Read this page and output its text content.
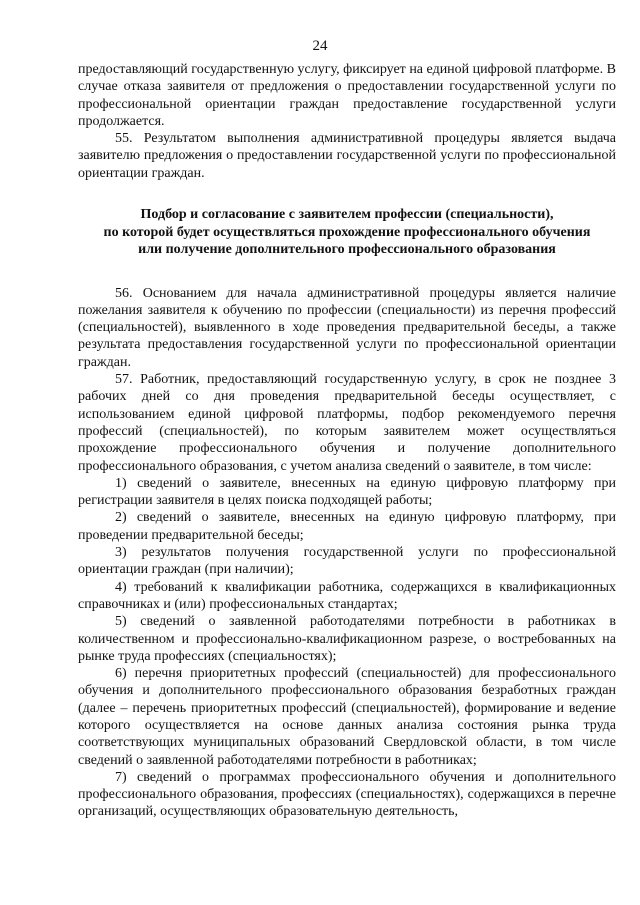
24

предоставляющий государственную услугу, фиксирует на единой цифровой платформе. В случае отказа заявителя от предложения о предоставлении государственной услуги по профессиональной ориентации граждан предоставление государственной услуги продолжается.

55. Результатом выполнения административной процедуры является выдача заявителю предложения о предоставлении государственной услуги по профессиональной ориентации граждан.

Подбор и согласование с заявителем профессии (специальности),
по которой будет осуществляться прохождение профессионального обучения
или получение дополнительного профессионального образования

56. Основанием для начала административной процедуры является наличие пожелания заявителя к обучению по профессии (специальности) из перечня профессий (специальностей), выявленного в ходе проведения предварительной беседы, а также результата предоставления государственной услуги по профессиональной ориентации граждан.

57. Работник, предоставляющий государственную услугу, в срок не позднее 3 рабочих дней со дня проведения предварительной беседы осуществляет, с использованием единой цифровой платформы, подбор рекомендуемого перечня профессий (специальностей), по которым заявителем может осуществляться прохождение профессионального обучения и получение дополнительного профессионального образования, с учетом анализа сведений о заявителе, в том числе:

1) сведений о заявителе, внесенных на единую цифровую платформу при регистрации заявителя в целях поиска подходящей работы;

2) сведений о заявителе, внесенных на единую цифровую платформу, при проведении предварительной беседы;

3) результатов получения государственной услуги по профессиональной ориентации граждан (при наличии);

4) требований к квалификации работника, содержащихся в квалификационных справочниках и (или) профессиональных стандартах;

5) сведений о заявленной работодателями потребности в работниках в количественном и профессионально-квалификационном разрезе, о востребованных на рынке труда профессиях (специальностях);

6) перечня приоритетных профессий (специальностей) для профессионального обучения и дополнительного профессионального образования безработных граждан (далее – перечень приоритетных профессий (специальностей), формирование и ведение которого осуществляется на основе данных анализа состояния рынка труда соответствующих муниципальных образований Свердловской области, в том числе сведений о заявленной работодателями потребности в работниках;

7) сведений о программах профессионального обучения и дополнительного профессионального образования, профессиях (специальностях), содержащихся в перечне организаций, осуществляющих образовательную деятельность,
